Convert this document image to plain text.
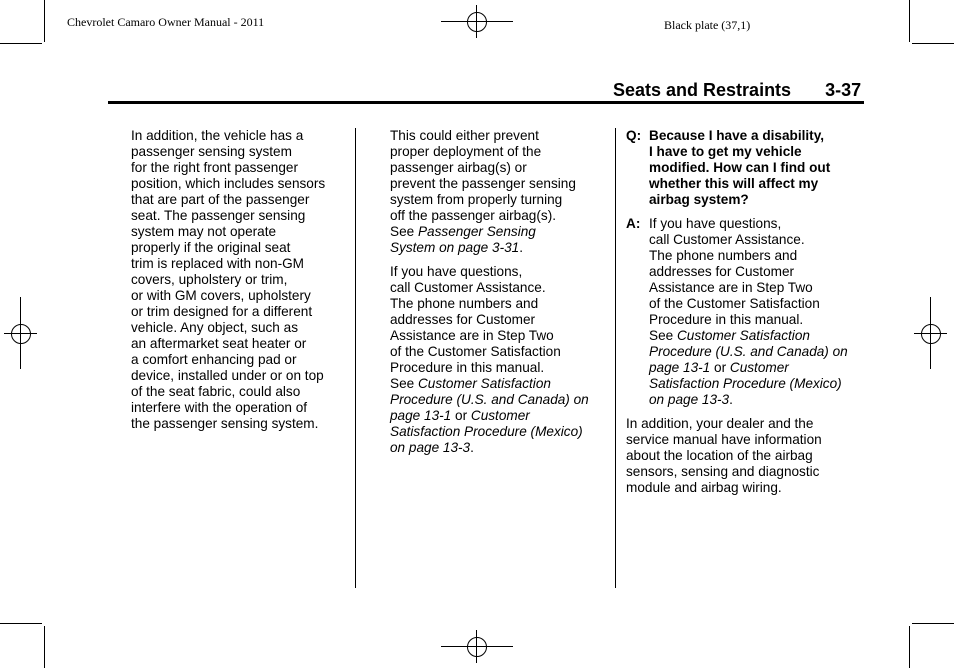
Chevrolet Camaro Owner Manual - 2011	Black plate (37,1)
Seats and Restraints 3-37

In addition, the vehicle has a
passenger sensing system
for the right front passenger
position, which includes sensors
that are part of the passenger
seat. The passenger sensing
system may not operate
properly if the original seat
trim is replaced with non-GM
covers, upholstery or trim,
or with GM covers, upholstery
or trim designed for a different
vehicle. Any object, such as
an aftermarket seat heater or
a comfort enhancing pad or
device, installed under or on top
of the seat fabric, could also
interfere with the operation of
the passenger sensing system.

This could either prevent
proper deployment of the
passenger airbag(s) or
prevent the passenger sensing
system from properly turning
off the passenger airbag(s).
See Passenger Sensing
System on page 3-31.

If you have questions,
call Customer Assistance.
The phone numbers and
addresses for Customer
Assistance are in Step Two
of the Customer Satisfaction
Procedure in this manual.
See Customer Satisfaction
Procedure (U.S. and Canada) on
page 13-1 or Customer
Satisfaction Procedure (Mexico)
on page 13-3.

Q: Because I have a disability,
I have to get my vehicle
modified. How can I find out
whether this will affect my
airbag system?
A: If you have questions,
call Customer Assistance.
The phone numbers and
addresses for Customer
Assistance are in Step Two
of the Customer Satisfaction
Procedure in this manual.
See Customer Satisfaction
Procedure (U.S. and Canada) on
page 13-1 or Customer
Satisfaction Procedure (Mexico)
on page 13-3.

In addition, your dealer and the
service manual have information
about the location of the airbag
sensors, sensing and diagnostic
module and airbag wiring.
